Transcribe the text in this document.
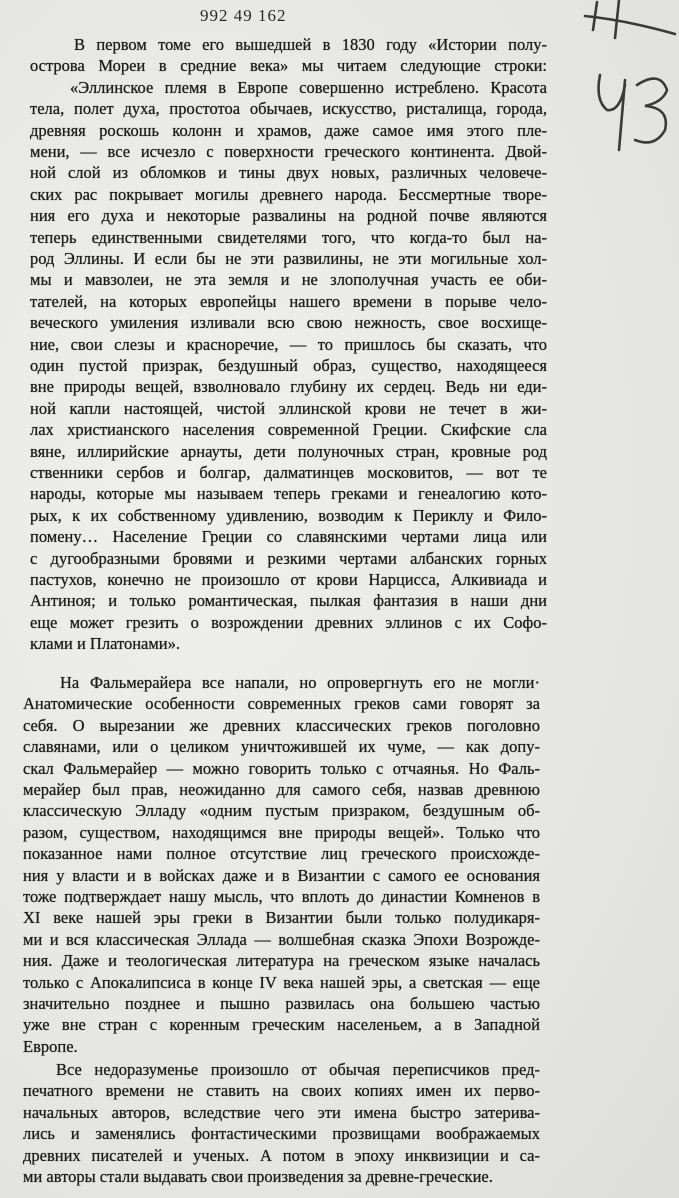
992 49 162
В первом томе его вышедшей в 1830 году «Истории полу-
острова Мореи в средние века» мы читаем следующие строки:
«Эллинское племя в Европе совершенно истреблено. Красота
тела, полет духа, простотоа обычаев, искусство, ристалища, города,
древняя роскошь колонн и храмов, даже самое имя этого пле-
мени, — все исчезло с поверхности греческого континента. Двой-
ной слой из обломков и тины двух новых, различных человече-
ских рас покрывает могилы древнего народа. Бессмертные творе-
ния его духа и некоторые развалины на родной почве являются
теперь единственными свидетелями того, что когда-то был на-
род Эллины. И если бы не эти развилины, не эти могильные хол-
мы и мавзолеи, не эта земля и не злополучная участь ее оби-
тателей, на которых европейцы нашего времени в порыве чело-
веческого умиления изливали всю свою нежность, свое восхище-
ние, свои слезы и красноречие, — то пришлось бы сказать, что
один пустой призрак, бездушный образ, существо, находящееся
вне природы вещей, взволновало глубину их сердец. Ведь ни еди-
ной капли настоящей, чистой эллинской крови не течет в жи-
лах христианского населения современной Греции. Скифские сла
вяне, иллирийские арнауты, дети полуночных стран, кровные род
ственники сербов и болгар, далматинцев московитов, — вот те
народы, которые мы называем теперь греками и генеалогию кото-
рых, к их собственному удивлению, возводим к Периклу и Фило-
помену… Население Греции со славянскими чертами лица или
с дугообразными бровями и резкими чертами албанских горных
пастухов, конечно не произошло от крови Нарцисса, Алкивиада и
Антиноя; и только романтическая, пылкая фантазия в наши дни
еще может грезить о возрождении древних эллинов с их Софо-
клами и Платонами».
На Фальмерайера все напали, но опровергнуть его не могли·
Анатомические особенности современных греков сами говорят за
себя. О вырезании же древних классических греков поголовно
славянами, или о целиком уничтожившей их чуме, — как допу-
скал Фальмерайер — можно говорить только с отчаянья. Но Фаль-
мерайер был прав, неожиданно для самого себя, назвав древнюю
классическую Элладу «одним пустым призраком, бездушным об-
разом, существом, находящимся вне природы вещей». Только что
показанное нами полное отсутствие лиц греческого происхожде-
ния у власти и в войсках даже и в Византии с самого ее основания
тоже подтверждает нашу мысль, что вплоть до династии Комненов в
XI веке нашей эры греки в Византии были только полудикаря-
ми и вся классическая Эллада — волшебная сказка Эпохи Возрожде-
ния. Даже и теологическая литература на греческом языке началась
только с Апокалипсиса в конце IV века нашей эры, а светская — еще
значительно позднее и пышно развилась она большею частью
уже вне стран с коренным греческим населеньем, а в Западной
Европе.
Все недоразуменье произошло от обычая переписчиков пред-
печатного времени не ставить на своих копиях имен их перво-
начальных авторов, вследствие чего эти имена быстро затерива-
лись и заменялись фонтастическими прозвищами воображаемых
древних писателей и ученых. А потом в эпоху инквизиции и са-
ми авторы стали выдавать свои произведения за древне-греческие.
